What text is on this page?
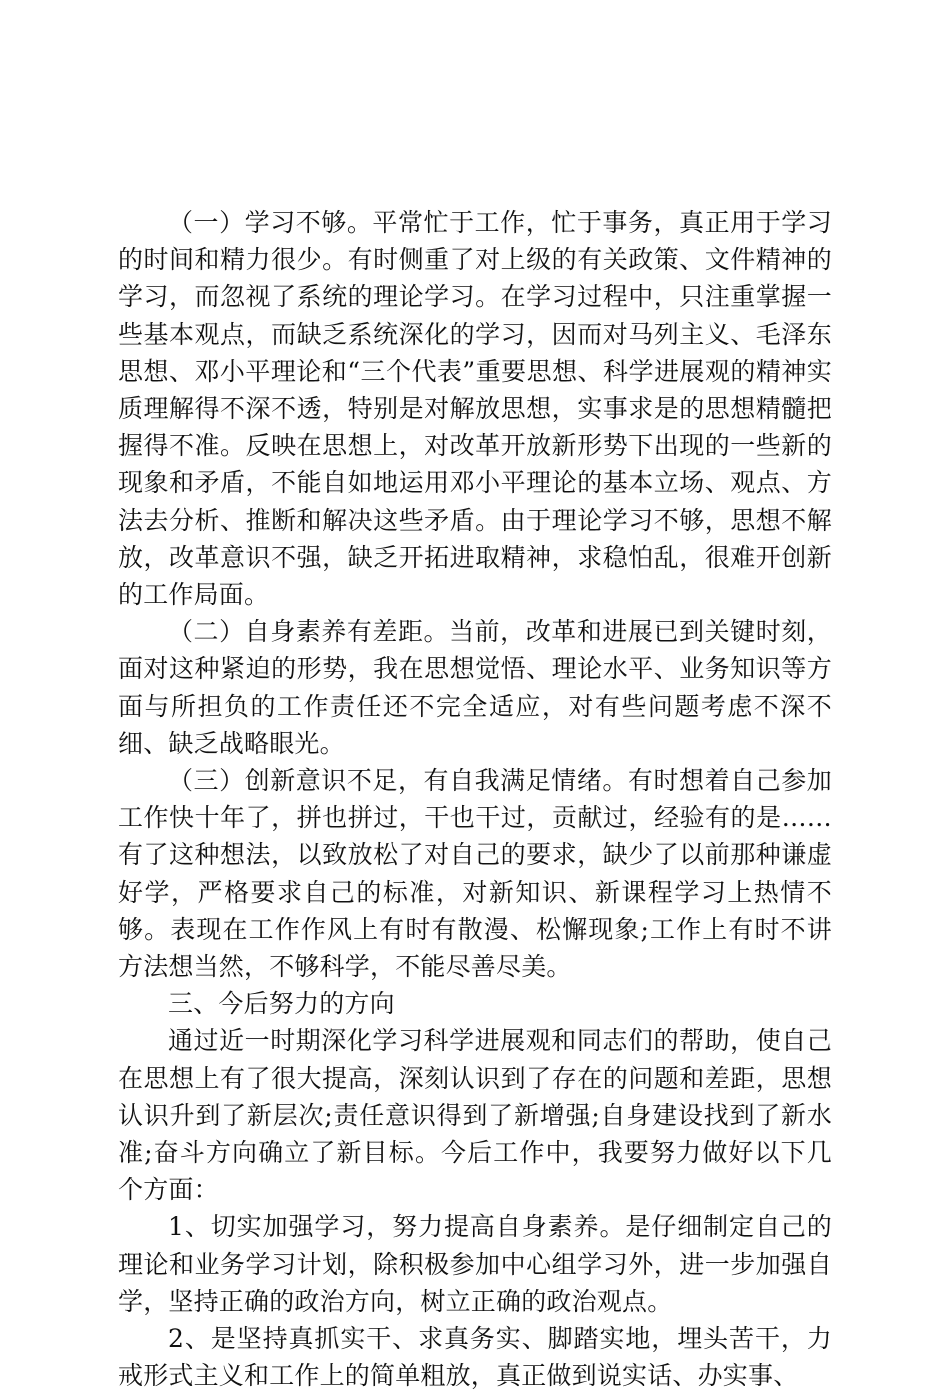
（一）学习不够。平常忙于工作，忙于事务，真正用于学习的时间和精力很少。有时侧重了对上级的有关政策、文件精神的学习，而忽视了系统的理论学习。在学习过程中，只注重掌握一些基本观点，而缺乏系统深化的学习，因而对马列主义、毛泽东思想、邓小平理论和“三个代表”重要思想、科学进展观的精神实质理解得不深不透，特别是对解放思想，实事求是的思想精髓把握得不准。反映在思想上，对改革开放新形势下出现的一些新的现象和矛盾，不能自如地运用邓小平理论的基本立场、观点、方法去分析、推断和解决这些矛盾。由于理论学习不够，思想不解放，改革意识不强，缺乏开拓进取精神，求稳怕乱，很难开创新的工作局面。

（二）自身素养有差距。当前，改革和进展已到关键时刻，面对这种紧迫的形势，我在思想觉悟、理论水平、业务知识等方面与所担负的工作责任还不完全适应，对有些问题考虑不深不细、缺乏战略眼光。

（三）创新意识不足，有自我满足情绪。有时想着自己参加工作快十年了，拼也拼过，干也干过，贡献过，经验有的是……有了这种想法，以致放松了对自己的要求，缺少了以前那种谦虚好学，严格要求自己的标准，对新知识、新课程学习上热情不够。表现在工作作风上有时有散漫、松懈现象;工作上有时不讲方法想当然，不够科学，不能尽善尽美。

三、今后努力的方向

通过近一时期深化学习科学进展观和同志们的帮助，使自己在思想上有了很大提高，深刻认识到了存在的问题和差距，思想认识升到了新层次;责任意识得到了新增强;自身建设找到了新水准;奋斗方向确立了新目标。今后工作中，我要努力做好以下几个方面：

1、切实加强学习，努力提高自身素养。是仔细制定自己的理论和业务学习计划，除积极参加中心组学习外，进一步加强自学，坚持正确的政治方向，树立正确的政治观点。

2、是坚持真抓实干、求真务实、脚踏实地，埋头苦干，力戒形式主义和工作上的简单粗放，真正做到说实话、办实事、
